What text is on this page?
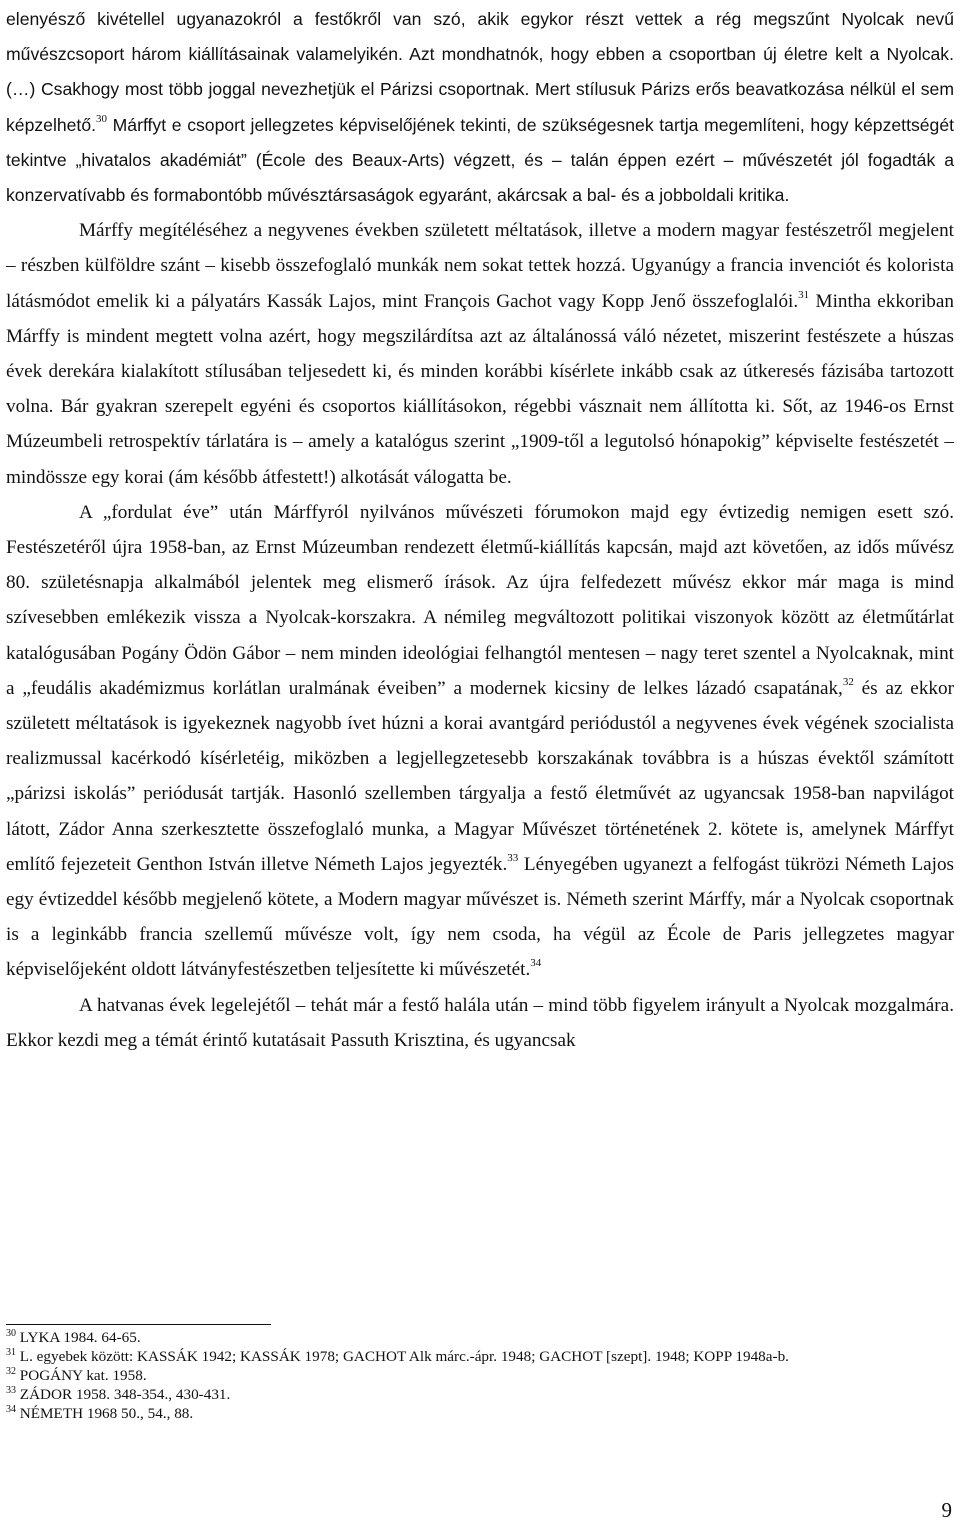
elenyésző kivétellel ugyanazokról a festőkről van szó, akik egykor részt vettek a rég megszűnt Nyolcak nevű művészcsoport három kiállításainak valamelyikén. Azt mondhatnók, hogy ebben a csoportban új életre kelt a Nyolcak. (…) Csakhogy most több joggal nevezhetjük el Párizsi csoportnak. Mert stílusuk Párizs erős beavatkozása nélkül el sem képzelhető.$^{30}$ Márffyt e csoport jellegzetes képviselőjének tekinti, de szükségesnek tartja megemlíteni, hogy képzettségét tekintve „hivatalos akadémiát” (École des Beaux-Arts) végzett, és – talán éppen ezért – művészetét jól fogadták a konzervatívabb és formabontóbb művésztársaságok egyaránt, akárcsak a bal- és a jobboldali kritika.

Márffy megítéléséhez a negyvenes években született méltatások, illetve a modern magyar festészetről megjelent – részben külföldre szánt – kisebb összefoglaló munkák nem sokat tettek hozzá. Ugyanúgy a francia invenciót és kolorista látásmódot emelik ki a pályatárs Kassák Lajos, mint François Gachot vagy Kopp Jenő összefoglalói.$^{31}$ Mintha ekkoriban Márffy is mindent megtett volna azért, hogy megszilárdítsa azt az általánossá váló nézetet, miszerint festészete a húszas évek derekára kialakított stílusában teljesedett ki, és minden korábbi kísérlete inkább csak az útkeresés fázisába tartozott volna. Bár gyakran szerepelt egyéni és csoportos kiállításokon, régebbi vásznait nem állította ki. Sőt, az 1946-os Ernst Múzeumbeli retrospektív tárlatára is – amely a katalógus szerint „1909-től a legutolsó hónapokig” képviselte festészetét – mindössze egy korai (ám később átfestett!) alkotását válogatta be.

A „fordulat éve” után Márffyról nyilvános művészeti fórumokon majd egy évtizedig nemigen esett szó. Festészetéről újra 1958-ban, az Ernst Múzeumban rendezett életmű-kiállítás kapcsán, majd azt követően, az idős művész 80. születésnapja alkalmából jelentek meg elismerő írások. Az újra felfedezett művész ekkor már maga is mind szívesebben emlékezik vissza a Nyolcak-korszakra. A némileg megváltozott politikai viszonyok között az életműtárlat katalógusában Pogány Ödön Gábor – nem minden ideológiai felhangtól mentesen – nagy teret szentel a Nyolcaknak, mint a „feudális akadémizmus korlátlan uralmának éveiben” a modernek kicsiny de lelkes lázadó csapatának,$^{32}$ és az ekkor született méltatások is igyekeznek nagyobb ívet húzni a korai avantgárd periódustól a negyvenes évek végének szocialista realizmussal kacérkodó kísérletéig, miközben a legjellegzetesebb korszakának továbbra is a húszas évektől számított „párizsi iskolás” periódusát tartják. Hasonló szellemben tárgyalja a festő életművét az ugyancsak 1958-ban napvilágot látott, Zádor Anna szerkesztette összefoglaló munka, a Magyar Művészet történetének 2. kötete is, amelynek Márffyt említő fejezeteit Genthon István illetve Németh Lajos jegyezték.$^{33}$ Lényegében ugyanezt a felfogást tükrözi Németh Lajos egy évtizeddel később megjelenő kötete, a Modern magyar művészet is. Németh szerint Márffy, már a Nyolcak csoportnak is a leginkább francia szellemű művésze volt, így nem csoda, ha végül az École de Paris jellegzetes magyar képviselőjeként oldott látványfestészetben teljesítette ki művészetét.$^{34}$

A hatvanas évek legelejétől – tehát már a festő halála után – mind több figyelem irányult a Nyolcak mozgalmára. Ekkor kezdi meg a témát érintő kutatásait Passuth Krisztina, és ugyancsak

$^{30}$ LYKA 1984. 64-65.
$^{31}$ L. egyebek között: KASSÁK 1942; KASSÁK 1978; GACHOT Alk márc.-ápr. 1948; GACHOT [szept]. 1948; KOPP 1948a-b.
$^{32}$ POGÁNY kat. 1958.
$^{33}$ ZÁDOR 1958. 348-354., 430-431.
$^{34}$ NÉMETH 1968 50., 54., 88.
9
